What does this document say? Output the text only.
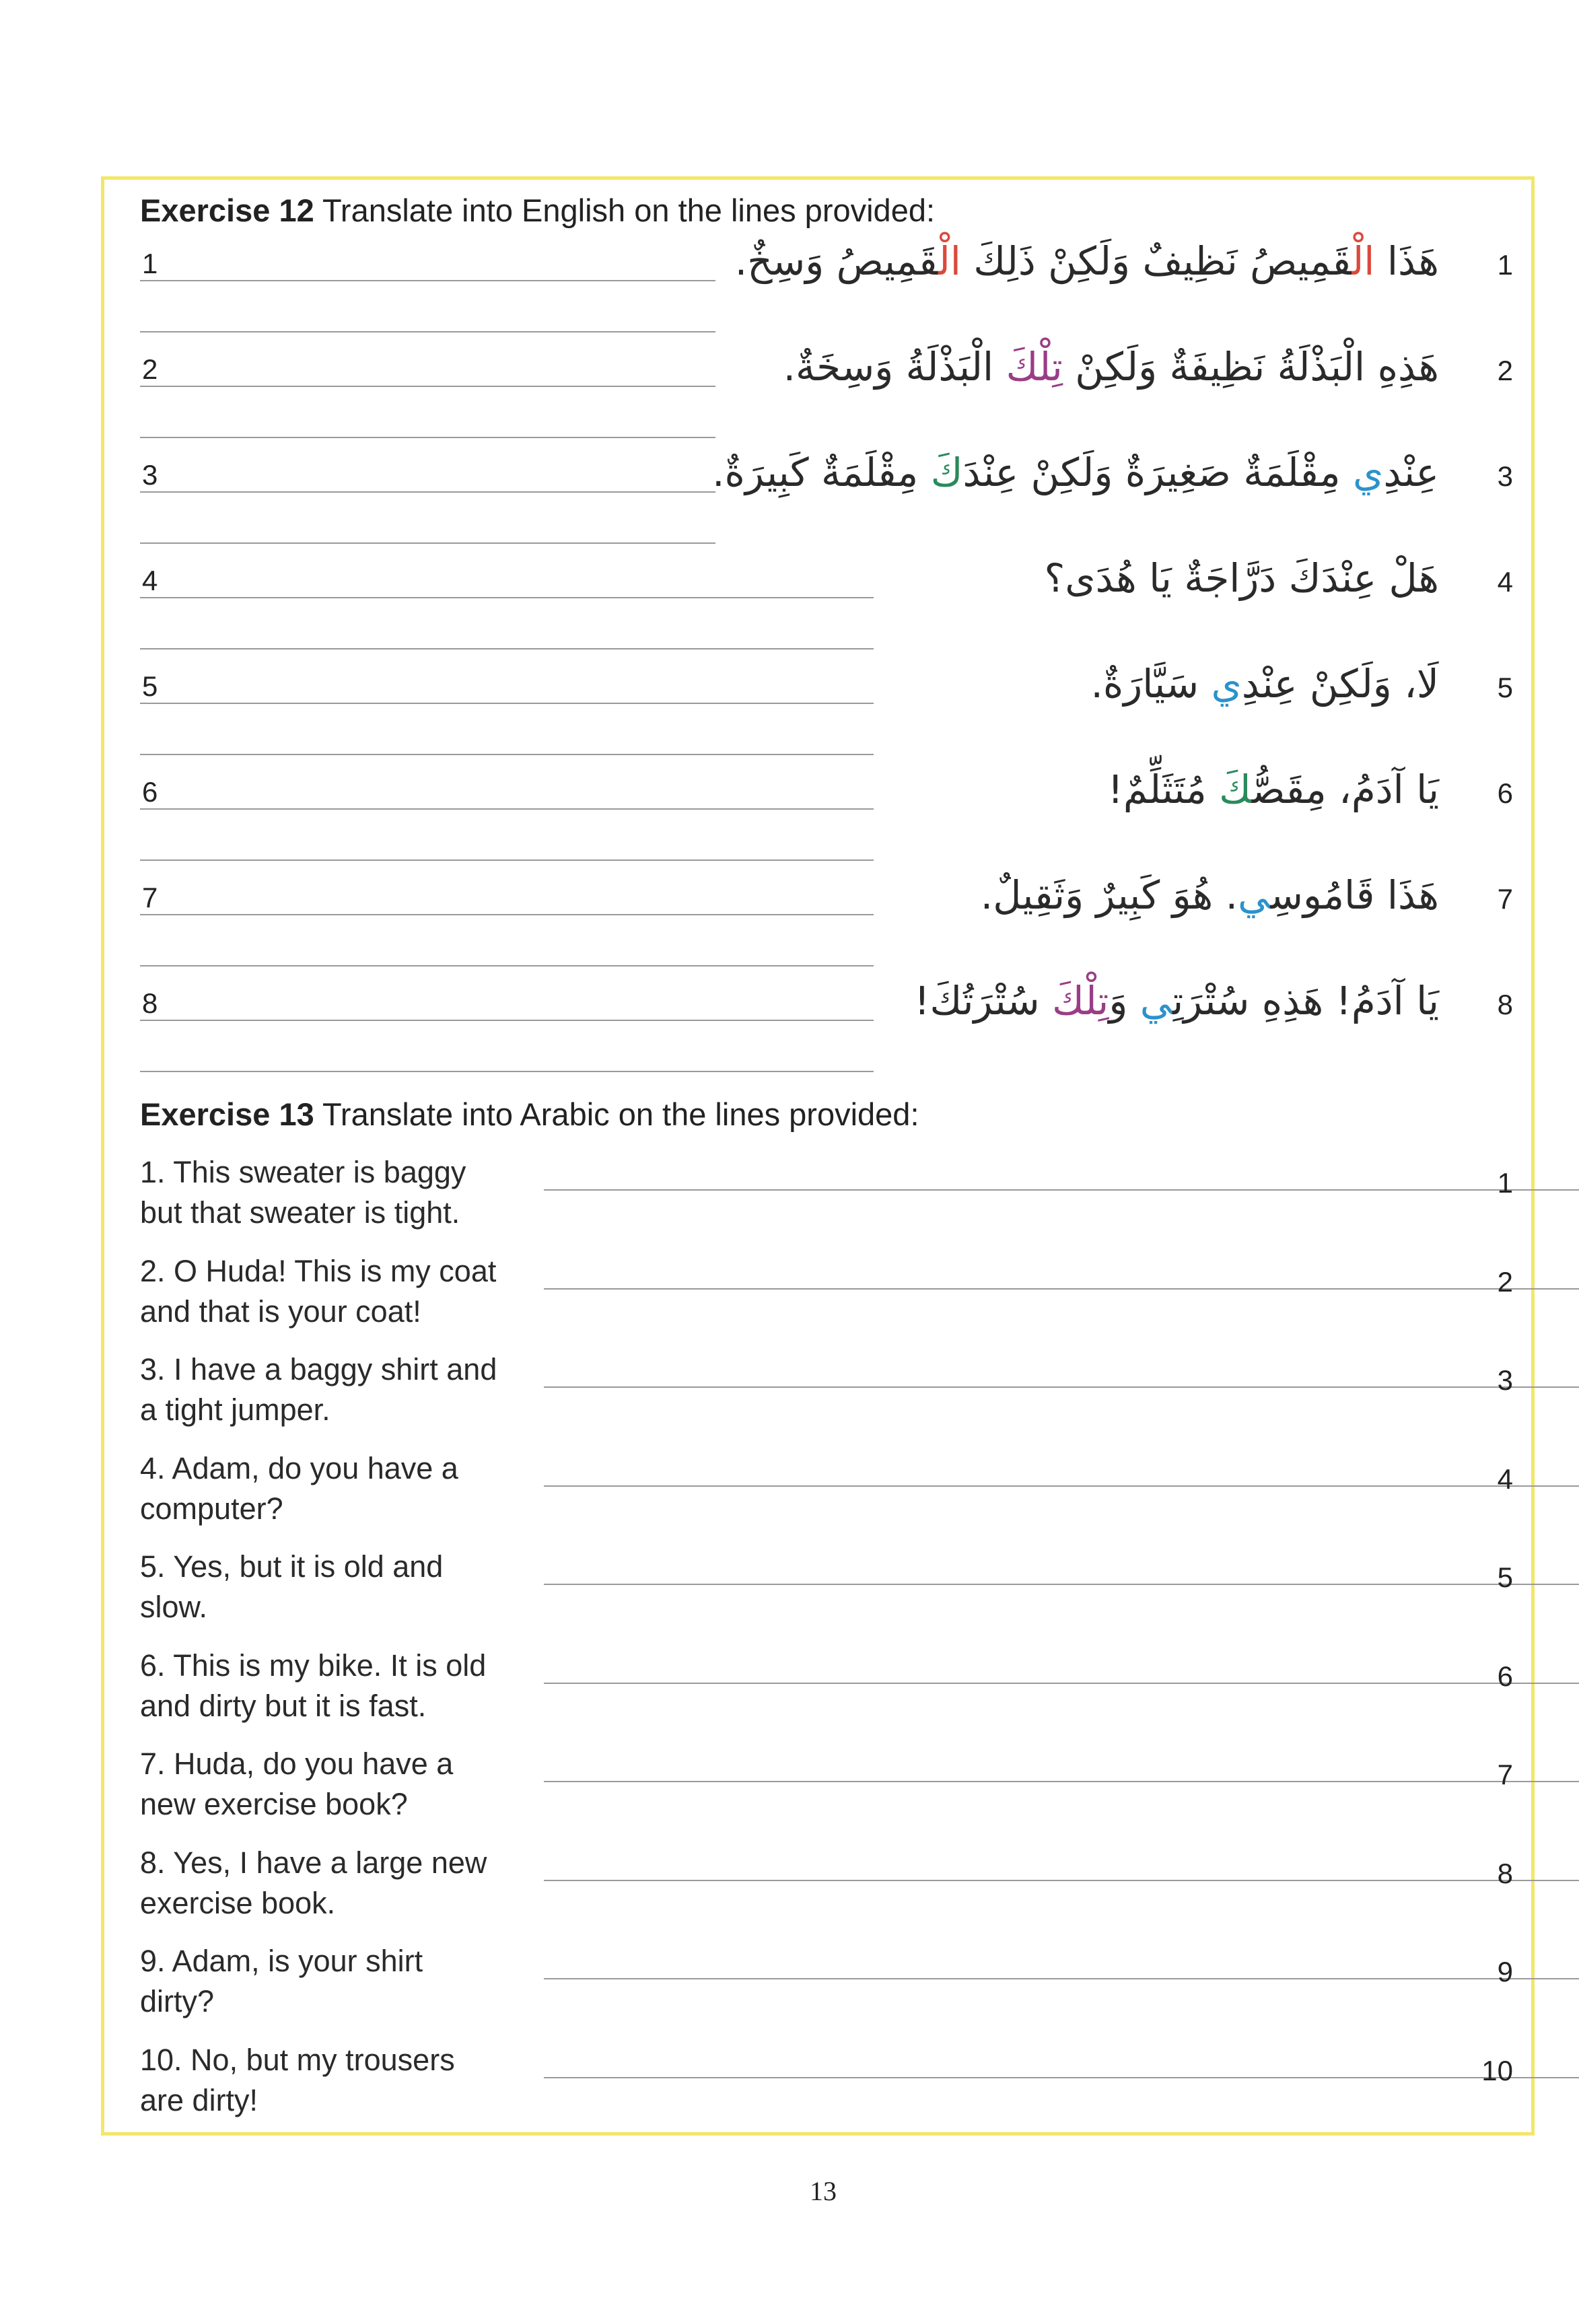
Exercise 12 Translate into English on the lines provided:
1	هَذَا الْقَمِيصُ نَظِيفٌ وَلَكِنْ ذَلِكَ الْقَمِيصُ وَسِخٌ.	1
2	هَذِهِ الْبَذْلَةُ نَظِيفَةٌ وَلَكِنْ تِلْكَ الْبَذْلَةُ وَسِخَةٌ.	2
3	عِنْدِي مِقْلَمَةٌ صَغِيرَةٌ وَلَكِنْ عِنْدَكَ مِقْلَمَةٌ كَبِيرَةٌ.	3
4	هَلْ عِنْدَكَ دَرَّاجَةٌ يَا هُدَى؟ 4
5	لَا، وَلَكِنْ عِنْدِي سَيَّارَةٌ.	5
6	يَا آدَمُ، مِقَصُّكَ مُتَثَلِّمٌ!	6
7	هَذَا قَامُوسِي. هُوَ كَبِيرٌ وَثَقِيلٌ.	7
8	يَا آدَمُ! هَذِهِ سُتْرَتِي وَتِلْكَ سُتْرَتُكَ!	8
Exercise 13 Translate into Arabic on the lines provided:
1. This sweater is baggy
but that sweater is tight.
1
2. O Huda! This is my coat
and that is your coat!
2
3. I have a baggy shirt and
a tight jumper.
3
4. Adam, do you have a
computer?
4
5. Yes, but it is old and
slow.
5
6. This is my bike. It is old
and dirty but it is fast.
6
7. Huda, do you have a
new exercise book?
7
8. Yes, I have a large new
exercise book.
8
9. Adam, is your shirt
dirty?
9
10. No, but my trousers
are dirty!
10
13
